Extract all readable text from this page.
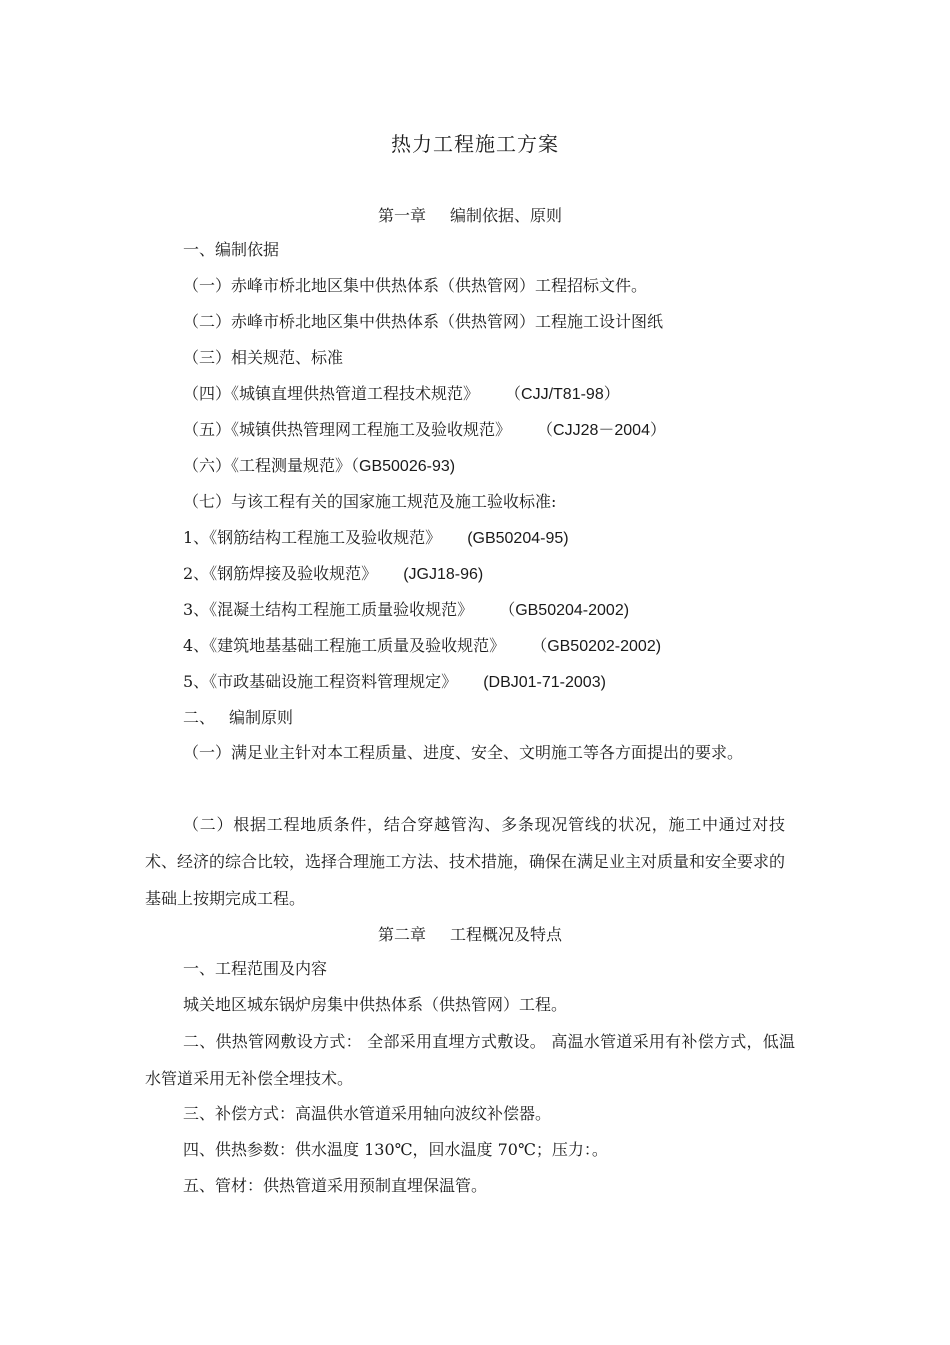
热力工程施工方案
第一章 编制依据、原则
一、编制依据
（一）赤峰市桥北地区集中供热体系（供热管网）工程招标文件。
（二）赤峰市桥北地区集中供热体系（供热管网）工程施工设计图纸
（三）相关规范、标准
（四）《城镇直埋供热管道工程技术规范》 （CJJ/T81-98）
（五）《城镇供热管理网工程施工及验收规范》 （CJJ28－2004）
（六）《工程测量规范》（GB50026-93)
（七）与该工程有关的国家施工规范及施工验收标准:
1、《钢筋结构工程施工及验收规范》 (GB50204-95)
2、《钢筋焊接及验收规范》 (JGJ18-96)
3、《混凝土结构工程施工质量验收规范》 （GB50204-2002)
4、《建筑地基基础工程施工质量及验收规范》 （GB50202-2002)
5、《市政基础设施工程资料管理规定》 (DBJ01-71-2003)
二、 编制原则
（一）满足业主针对本工程质量、进度、安全、文明施工等各方面提出的要求。
（二）根据工程地质条件，结合穿越管沟、多条现况管线的状况，施工中通过对技术、经济的综合比较，选择合理施工方法、技术措施，确保在满足业主对质量和安全要求的基础上按期完成工程。
第二章 工程概况及特点
一、工程范围及内容
城关地区城东锅炉房集中供热体系（供热管网）工程。
二、供热管网敷设方式： 全部采用直埋方式敷设。 高温水管道采用有补偿方式，低温水管道采用无补偿全埋技术。
三、补偿方式：高温供水管道采用轴向波纹补偿器。
四、供热参数：供水温度 130℃，回水温度 70℃；压力：。
五、管材：供热管道采用预制直埋保温管。
